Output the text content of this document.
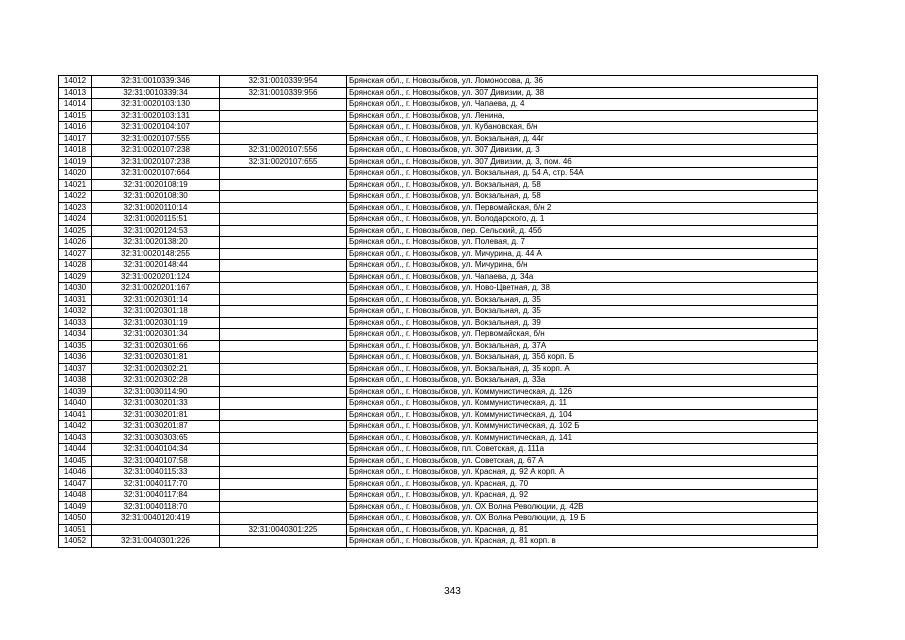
14012	32:31:0010339:346	32:31:0010339:954	Брянская обл., г. Новозыбков, ул. Ломоносова, д. 36
14013	32:31:0010339:34	32:31:0010339:956	Брянская обл., г. Новозыбков, ул. 307 Дивизии, д. 38
14014	32:31:0020103:130		Брянская обл., г. Новозыбков, ул. Чапаева, д. 4
14015	32:31:0020103:131		Брянская обл., г. Новозыбков, ул. Ленина,
14016	32:31:0020104:107		Брянская обл., г. Новозыбков, ул. Кубановская, б/н
14017	32:31:0020107:555		Брянская обл., г. Новозыбков, ул. Вокзальная, д. 44г
14018	32:31:0020107:238	32:31:0020107:556	Брянская обл., г. Новозыбков, ул. 307 Дивизии, д. 3
14019	32:31:0020107:238	32:31:0020107:655	Брянская обл., г. Новозыбков, ул. 307 Дивизии, д. 3, пом. 46
14020	32:31:0020107:664		Брянская обл., г. Новозыбков, ул. Вокзальная, д. 54 А, стр. 54А
14021	32:31:0020108:19		Брянская обл., г. Новозыбков, ул. Вокзальная, д. 58
14022	32:31:0020108:30		Брянская обл., г. Новозыбков, ул. Вокзальная, д. 58
14023	32:31:0020110:14		Брянская обл., г. Новозыбков, ул. Первомайская, б/н 2
14024	32:31:0020115:51		Брянская обл., г. Новозыбков, ул. Володарского, д. 1
14025	32:31:0020124:53		Брянская обл., г. Новозыбков, пер. Сельский, д. 45б
14026	32:31:0020138:20		Брянская обл., г. Новозыбков, ул. Полевая, д. 7
14027	32:31:0020148:255		Брянская обл., г. Новозыбков, ул. Мичурина, д. 44 А
14028	32:31:0020148:44		Брянская обл., г. Новозыбков, ул. Мичурина, б/н
14029	32:31:0020201:124		Брянская обл., г. Новозыбков, ул. Чапаева, д. 34а
14030	32:31:0020201:167		Брянская обл., г. Новозыбков, ул. Ново-Цветная, д. 38
14031	32:31:0020301:14		Брянская обл., г. Новозыбков, ул. Вокзальная, д. 35
14032	32:31:0020301:18		Брянская обл., г. Новозыбков, ул. Вокзальная, д. 35
14033	32:31:0020301:19		Брянская обл., г. Новозыбков, ул. Вокзальная, д. 39
14034	32:31:0020301:34		Брянская обл., г. Новозыбков, ул. Первомайская, б/н
14035	32:31:0020301:66		Брянская обл., г. Новозыбков, ул. Вокзальная, д. 37А
14036	32:31:0020301:81		Брянская обл., г. Новозыбков, ул. Вокзальная, д. 35б корп. Б
14037	32:31:0020302:21		Брянская обл., г. Новозыбков, ул. Вокзальная, д. 35 корп. А
14038	32:31:0020302:28		Брянская обл., г. Новозыбков, ул. Вокзальная, д. 33а
14039	32:31:0030114:90		Брянская обл., г. Новозыбков, ул. Коммунистическая, д. 126
14040	32:31:0030201:33		Брянская обл., г. Новозыбков, ул. Коммунистическая, д. 11
14041	32:31:0030201:81		Брянская обл., г. Новозыбков, ул. Коммунистическая, д. 104
14042	32:31:0030201:87		Брянская обл., г. Новозыбков, ул. Коммунистическая, д. 102 Б
14043	32:31:0030303:65		Брянская обл., г. Новозыбков, ул. Коммунистическая, д. 141
14044	32:31:0040104:34		Брянская обл., г. Новозыбков, пл. Советская, д. 111а
14045	32:31:0040107:58		Брянская обл., г. Новозыбков, ул. Советская, д. 67 А
14046	32:31:0040115:33		Брянская обл., г. Новозыбков, ул. Красная, д. 92 А корп. А
14047	32:31:0040117:70		Брянская обл., г. Новозыбков, ул. Красная, д. 70
14048	32:31:0040117:84		Брянская обл., г. Новозыбков, ул. Красная, д. 92
14049	32:31:0040118:70		Брянская обл., г. Новозыбков, ул. ОХ Волна Революции, д. 42В
14050	32:31:0040120:419		Брянская обл., г. Новозыбков, ул. ОХ Волна Революции, д. 19 Б
14051		32:31:0040301:225	Брянская обл., г. Новозыбков, ул. Красная, д. 81
14052	32:31:0040301:226		Брянская обл., г. Новозыбков, ул. Красная, д. 81 корп. в
343
